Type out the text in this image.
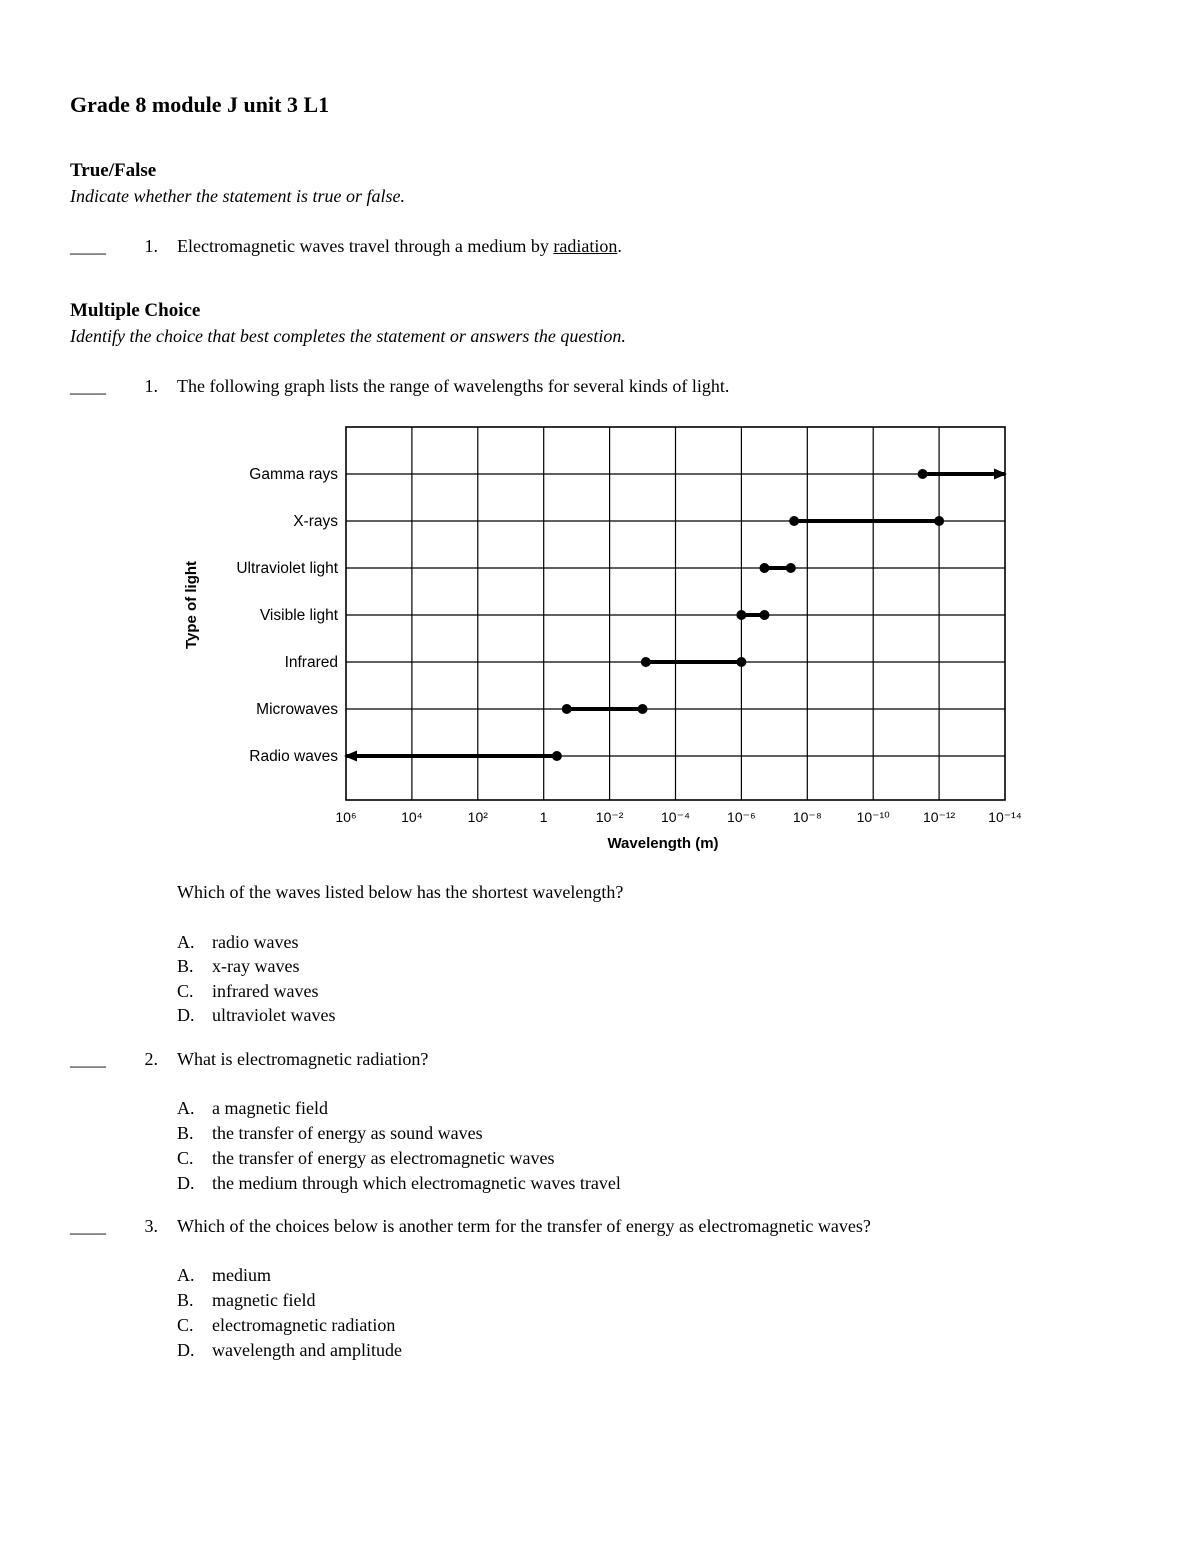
Grade 8 module J unit 3 L1
True/False
Indicate whether the statement is true or false.
____	1. Electromagnetic waves travel through a medium by radiation.
Multiple Choice
Identify the choice that best completes the statement or answers the question.
____	1. The following graph lists the range of wavelengths for several kinds of light.
Gamma rays
X-rays
Ultraviolet light
Visible light
Infrared
Microwaves
Radio waves
10⁶	10⁴	10²	1	10⁻²	10⁻⁴	10⁻⁶	10⁻⁸ 10⁻¹⁰ 10⁻¹² 10⁻¹⁴
Type of light
Wavelength (m)
Which of the waves listed below has the shortest wavelength?
A. radio waves
B. x-ray waves
C. infrared waves
D. ultraviolet waves
____	2. What is electromagnetic radiation?
A. a magnetic field
B. the transfer of energy as sound waves
C. the transfer of energy as electromagnetic waves
D. the medium through which electromagnetic waves travel
____	3. Which of the choices below is another term for the transfer of energy as electromagnetic waves?
A. medium
B. magnetic field
C. electromagnetic radiation
D. wavelength and amplitude
